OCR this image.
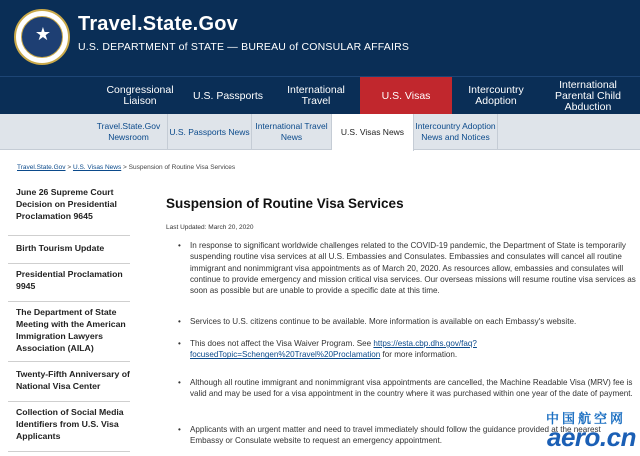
★	Travel.State.Gov
U.S. DEPARTMENT of STATE — BUREAU of CONSULAR AFFAIRS
Congressional Liaison	U.S. Passports	International Travel	U.S. Visas	Intercountry Adoption
International Parental Child Abduction
Travel.State.Gov Newsroom
U.S. Passports News
International Travel News	U.S. Visas News
Intercountry Adoption News and Notices
Travel.State.Gov > U.S. Visas News > Suspension of Routine Visa Services
June 26 Supreme Court Decision on Presidential Proclamation 9645
Birth Tourism Update
Presidential Proclamation 9945
The Department of State Meeting with the American Immigration Lawyers Association (AILA)
Twenty-Fifth Anniversary of National Visa Center
Collection of Social Media Identifiers from U.S. Visa Applicants
Suspension of Routine Visa Services
Last Updated: March 20, 2020
• In response to significant worldwide challenges related to the COVID-19 pandemic, the Department of State is temporarily suspending routine visa services at all U.S. Embassies and Consulates. Embassies and consulates will cancel all routine immigrant and nonimmigrant visa appointments as of March 20, 2020. As resources allow, embassies and consulates will continue to provide emergency and mission critical visa services. Our overseas missions will resume routine visa services as soon as possible but are unable to provide a specific date at this time.
• Services to U.S. citizens continue to be available. More information is available on each Embassy's website.
• This does not affect the Visa Waiver Program. See https://esta.cbp.dhs.gov/faq?focusedTopic=Schengen%20Travel%20Proclamation for more information.
• Although all routine immigrant and nonimmigrant visa appointments are cancelled, the Machine Readable Visa (MRV) fee is valid and may be used for a visa appointment in the country where it was purchased within one year of the date of payment.
• Applicants with an urgent matter and need to travel immediately should follow the guidance provided at the nearest Embassy or Consulate website to request an emergency appointment.
中国航空网
aero.cn
